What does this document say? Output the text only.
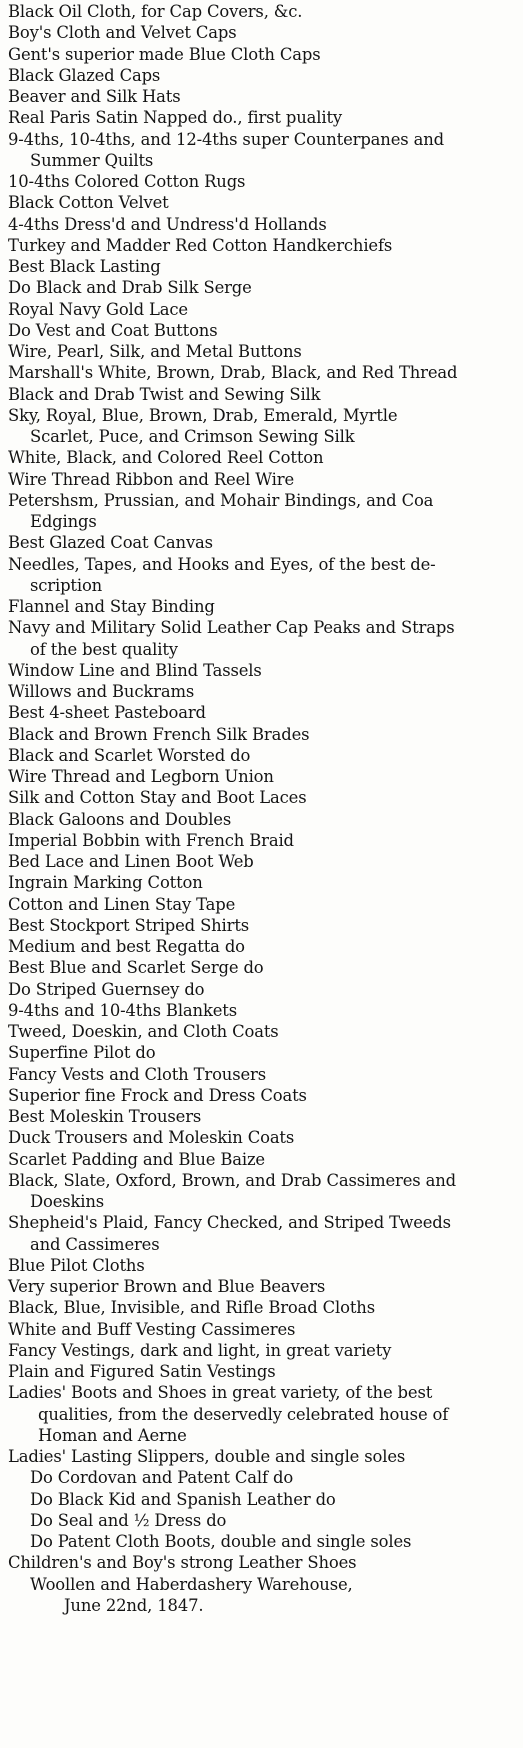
Black Oil Cloth, for Cap Covers, &c.
Boy's Cloth and Velvet Caps
Gent's superior made Blue Cloth Caps
Black Glazed Caps
Beaver and Silk Hats
Real Paris Satin Napped do., first puality
9-4ths, 10-4ths, and 12-4ths super Counterpanes and
Summer Quilts
10-4ths Colored Cotton Rugs
Black Cotton Velvet
4-4ths Dress'd and Undress'd Hollands
Turkey and Madder Red Cotton Handkerchiefs
Best Black Lasting
Do Black and Drab Silk Serge
Royal Navy Gold Lace
Do Vest and Coat Buttons
Wire, Pearl, Silk, and Metal Buttons
Marshall's White, Brown, Drab, Black, and Red Thread
Black and Drab Twist and Sewing Silk
Sky, Royal, Blue, Brown, Drab, Emerald, Myrtle
Scarlet, Puce, and Crimson Sewing Silk
White, Black, and Colored Reel Cotton
Wire Thread Ribbon and Reel Wire
Petershsm, Prussian, and Mohair Bindings, and Coa
Edgings
Best Glazed Coat Canvas
Needles, Tapes, and Hooks and Eyes, of the best de-
scription
Flannel and Stay Binding
Navy and Military Solid Leather Cap Peaks and Straps
of the best quality
Window Line and Blind Tassels
Willows and Buckrams
Best 4-sheet Pasteboard
Black and Brown French Silk Brades
Black and Scarlet Worsted do
Wire Thread and Legborn Union
Silk and Cotton Stay and Boot Laces
Black Galoons and Doubles
Imperial Bobbin with French Braid
Bed Lace and Linen Boot Web
Ingrain Marking Cotton
Cotton and Linen Stay Tape
Best Stockport Striped Shirts
Medium and best Regatta do
Best Blue and Scarlet Serge do
Do Striped Guernsey do
9-4ths and 10-4ths Blankets
Tweed, Doeskin, and Cloth Coats
Superfine Pilot do
Fancy Vests and Cloth Trousers
Superior fine Frock and Dress Coats
Best Moleskin Trousers
Duck Trousers and Moleskin Coats
Scarlet Padding and Blue Baize
Black, Slate, Oxford, Brown, and Drab Cassimeres and
Doeskins
Shepheid's Plaid, Fancy Checked, and Striped Tweeds
and Cassimeres
Blue Pilot Cloths
Very superior Brown and Blue Beavers
Black, Blue, Invisible, and Rifle Broad Cloths
White and Buff Vesting Cassimeres
Fancy Vestings, dark and light, in great variety
Plain and Figured Satin Vestings
Ladies' Boots and Shoes in great variety, of the best
qualities, from the deservedly celebrated house of
Homan and Aerne
Ladies' Lasting Slippers, double and single soles
Do Cordovan and Patent Calf do
Do Black Kid and Spanish Leather do
Do Seal and ½ Dress do
Do Patent Cloth Boots, double and single soles
Children's and Boy's strong Leather Shoes
Woollen and Haberdashery Warehouse,
June 22nd, 1847.
